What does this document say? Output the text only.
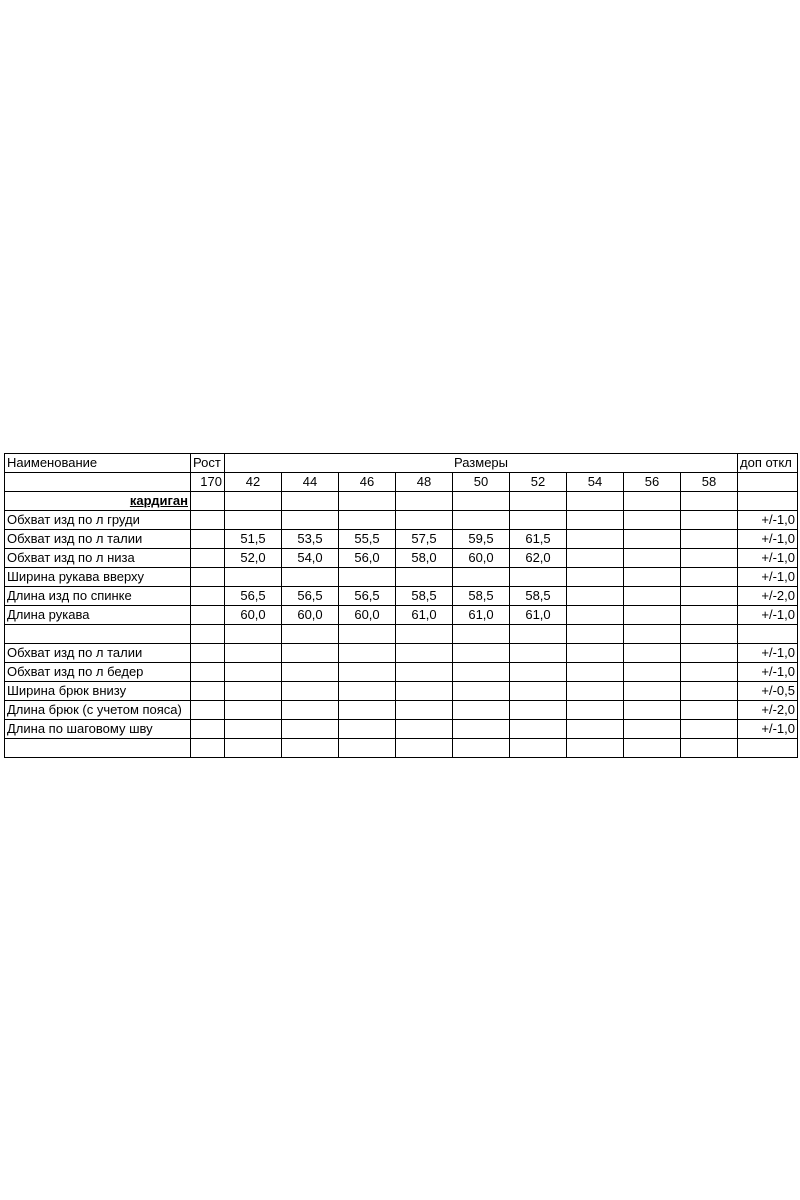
Наименование	Рост	Размеры									доп откл
	170	42	44	46	48	50	52	54	56	58	
кардиган											
Обхват изд по л груди											+/-1,0
Обхват изд по л талии		51,5	53,5	55,5	57,5	59,5	61,5				+/-1,0
Обхват изд по л низа		52,0	54,0	56,0	58,0	60,0	62,0				+/-1,0
Ширина рукава вверху											+/-1,0
Длина изд по спинке		56,5	56,5	56,5	58,5	58,5	58,5				+/-2,0
Длина рукава		60,0	60,0	60,0	61,0	61,0	61,0				+/-1,0

Обхват изд по л талии											+/-1,0
Обхват изд по л бедер											+/-1,0
Ширина брюк внизу											+/-0,5
Длина брюк (с учетом пояса)											+/-2,0
Длина по шаговому шву											+/-1,0
